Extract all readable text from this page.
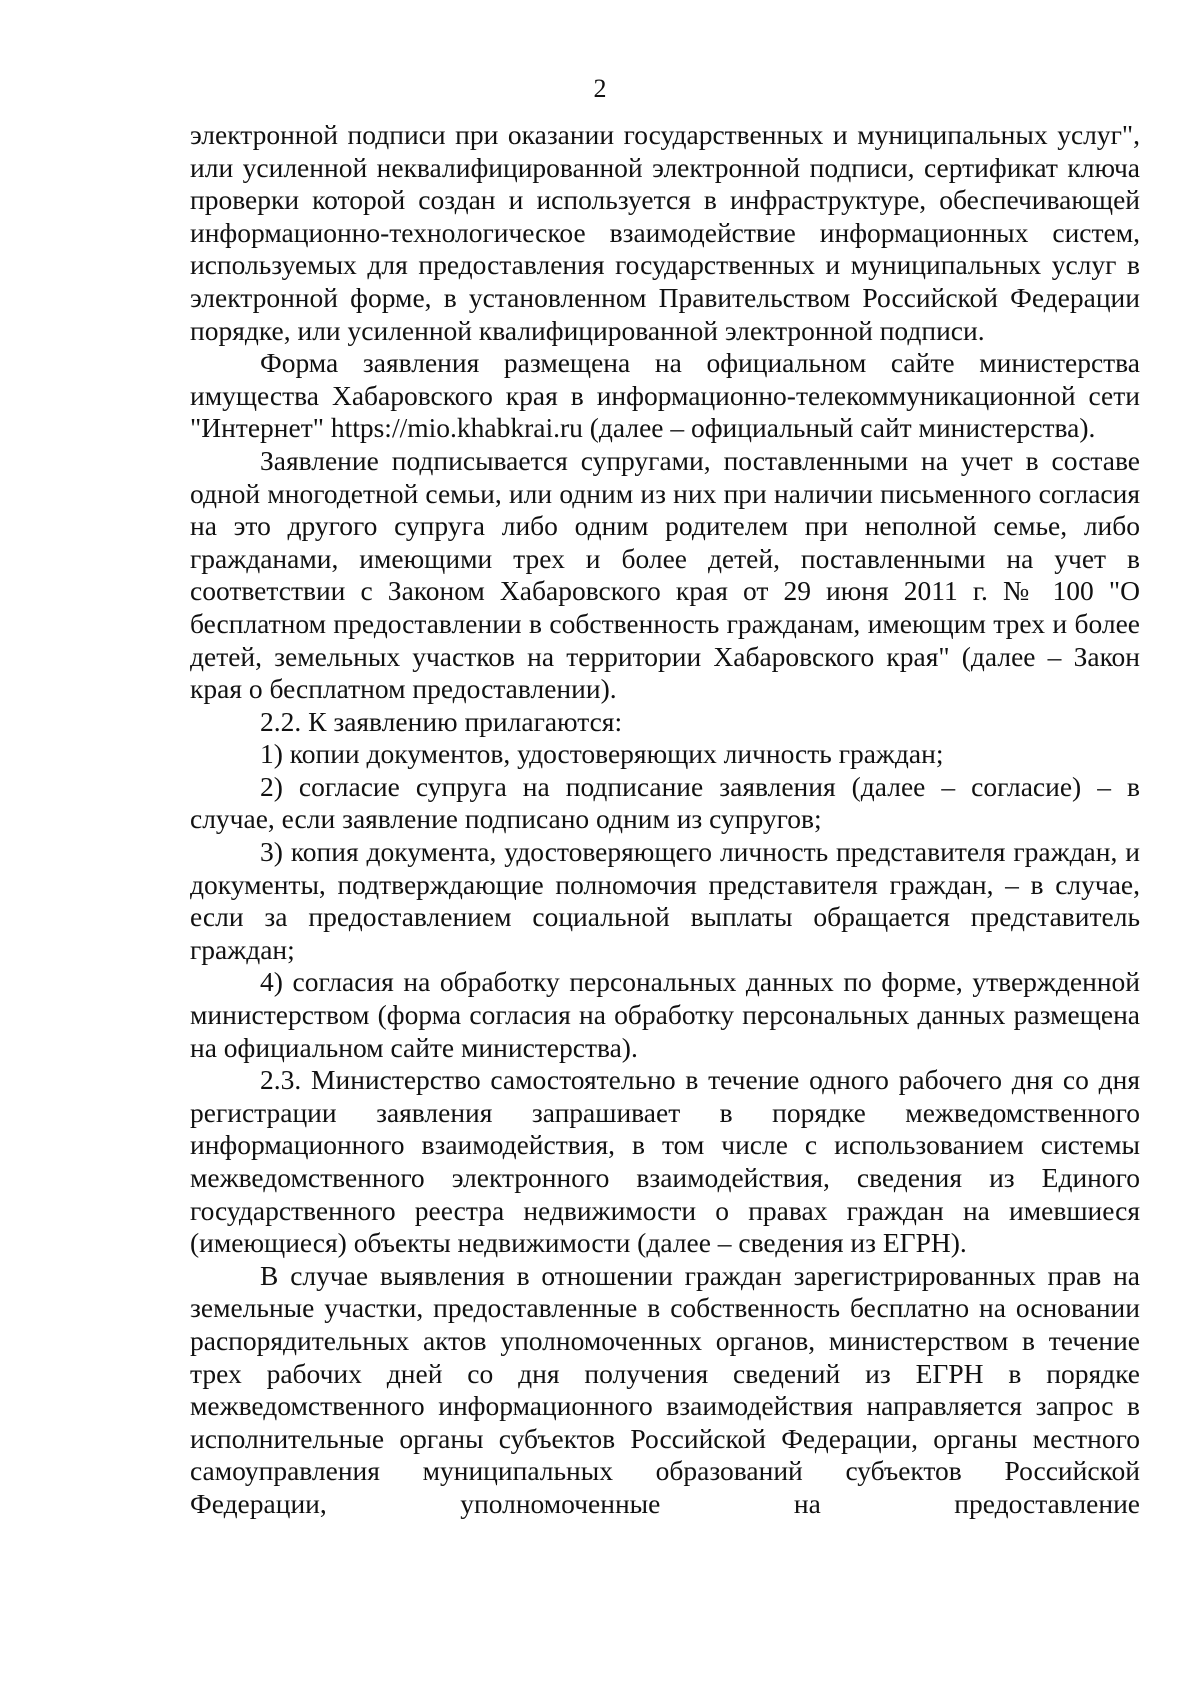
2

электронной подписи при оказании государственных и муниципальных услуг", или усиленной неквалифицированной электронной подписи, сертификат ключа проверки которой создан и используется в инфраструктуре, обеспечивающей информационно-технологическое взаимодействие информационных систем, используемых для предоставления государственных и муниципальных услуг в электронной форме, в установленном Правительством Российской Федерации порядке, или усиленной квалифицированной электронной подписи.

Форма заявления размещена на официальном сайте министерства имущества Хабаровского края в информационно-телекоммуникационной сети "Интернет" https://mio.khabkrai.ru (далее – официальный сайт министерства).

Заявление подписывается супругами, поставленными на учет в составе одной многодетной семьи, или одним из них при наличии письменного согласия на это другого супруга либо одним родителем при неполной семье, либо гражданами, имеющими трех и более детей, поставленными на учет в соответствии с Законом Хабаровского края от 29 июня 2011 г. № 100 "О бесплатном предоставлении в собственность гражданам, имеющим трех и более детей, земельных участков на территории Хабаровского края" (далее – Закон края о бесплатном предоставлении).

2.2. К заявлению прилагаются:

1) копии документов, удостоверяющих личность граждан;

2) согласие супруга на подписание заявления (далее – согласие) – в случае, если заявление подписано одним из супругов;

3) копия документа, удостоверяющего личность представителя граждан, и документы, подтверждающие полномочия представителя граждан, – в случае, если за предоставлением социальной выплаты обращается представитель граждан;

4) согласия на обработку персональных данных по форме, утвержденной министерством (форма согласия на обработку персональных данных размещена на официальном сайте министерства).

2.3. Министерство самостоятельно в течение одного рабочего дня со дня регистрации заявления запрашивает в порядке межведомственного информационного взаимодействия, в том числе с использованием системы межведомственного электронного взаимодействия, сведения из Единого государственного реестра недвижимости о правах граждан на имевшиеся (имеющиеся) объекты недвижимости (далее – сведения из ЕГРН).

В случае выявления в отношении граждан зарегистрированных прав на земельные участки, предоставленные в собственность бесплатно на основании распорядительных актов уполномоченных органов, министерством в течение трех рабочих дней со дня получения сведений из ЕГРН в порядке межведомственного информационного взаимодействия направляется запрос в исполнительные органы субъектов Российской Федерации, органы местного самоуправления муниципальных образований субъектов Российской Федерации, уполномоченные на предоставление
